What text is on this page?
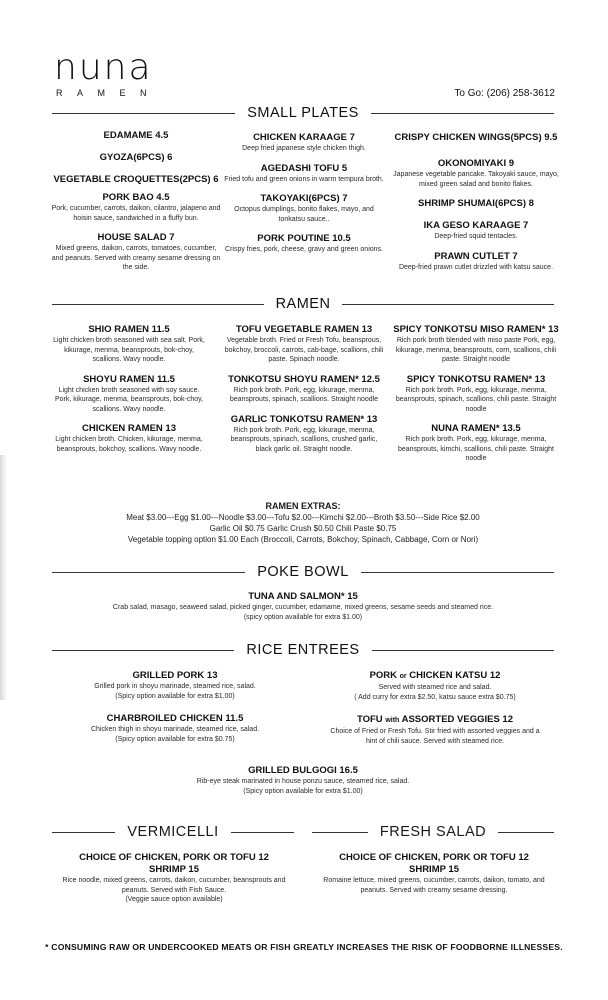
nuna
RAMEN	To Go: (206) 258-3612
SMALL PLATES
EDAMAME 4.5
GYOZA(6PCS) 6
VEGETABLE CROQUETTES(2PCS) 6
PORK BAO 4.5
Pork, cucumber, carrots, daikon, cilantro, jalapeno and hoisin sauce, sandwiched in a fluffy bun.
HOUSE SALAD 7
Mixed greens, daikon, carrots, tomatoes, cucumber, and peanuts. Served with creamy sesame dressing on the side.
CHICKEN KARAAGE 7
Deep fried japanese style chicken thigh.
AGEDASHI TOFU 5
Fried tofu and green onions in warm tempura broth.
TAKOYAKI(6PCS) 7
Octopus dumplings, bonito flakes, mayo, and tonkatsu sauce..
PORK POUTINE 10.5
Crispy fries, pork, cheese, gravy and green onions.
CRISPY CHICKEN WINGS(5PCS) 9.5
OKONOMIYAKI 9
Japanese vegetable pancake. Takoyaki sauce, mayo, mixed green salad and bonito flakes.
SHRIMP SHUMAI(6PCS) 8
IKA GESO KARAAGE 7
Deep-fried squid tentacles.
PRAWN CUTLET 7
Deep-fried prawn cutlet drizzled with katsu sauce.
RAMEN
SHIO RAMEN 11.5
Light chicken broth seasoned with sea salt. Pork, kikurage, menma, beansprouts, bok-choy, scallions. Wavy noodle.
SHOYU RAMEN 11.5
Light chicken broth seasoned with soy sauce. Pork, kikurage, menma, beansprouts, bok-choy, scallions. Wavy noodle.
CHICKEN RAMEN 13
Light chicken broth. Chicken, kikurage, menma, beansprouts, bokchoy, scallions. Wavy noodle.
TOFU VEGETABLE RAMEN 13
Vegetable broth. Fried or Fresh Tofu, beansprous, bokchoy, broccoli, carrots, cab-bage, scallions, chili paste. Spinach noodle.
TONKOTSU SHOYU RAMEN* 12.5
Rich pork broth. Pork, egg, kikurage, menma, beansprouts, spinach, scallions. Straight noodle
GARLIC TONKOTSU RAMEN* 13
Rich pork broth. Pork, egg, kikurage, menma, beansprouts, spinach, scallions, crushed garlic, black garlic oil. Straight noodle.
SPICY TONKOTSU MISO RAMEN* 13
Rich pork broth blended with miso paste Pork, egg, kikurage, menma, beansprouts, corn, scallions, chili paste. Straight noodle
SPICY TONKOTSU RAMEN* 13
Rich pork broth. Pork, egg, kikurage, menma, beansprouts, spinach, scallions, chili paste. Straight noodle
NUNA RAMEN* 13.5
Rich pork broth. Pork, egg, kikurage, menma, beansprouts, kimchi, scallions, chili paste. Straight noodle
RAMEN EXTRAS:
Meat $3.00---Egg $1.00---Noodle $3.00---Tofu $2.00---Kimchi $2.00---Broth $3.50---Side Rice $2.00
Garlic Oil $0.75 Garlic Crush $0.50 Chili Paste $0.75
Vegetable topping option $1.00 Each (Broccoli, Carrots, Bokchoy, Spinach, Cabbage, Corn or Nori)
POKE BOWL
TUNA AND SALMON* 15
Crab salad, masago, seaweed salad, picked ginger, cucumber, edamame, mixed greens, sesame seeds and steamed rice.
(spicy option available for extra $1.00)
RICE ENTREES
GRILLED PORK 13
Grilled pork in shoyu marinade, steamed rice, salad.
(Spicy option available for extra $1.00)
CHARBROILED CHICKEN 11.5
Chicken thigh in shoyu marinade, steamed rice, salad.
(Spicy option available for extra $0.75)
PORK or CHICKEN KATSU 12
Served with steamed rice and salad.
( Add curry for extra $2.50, katsu sauce extra $0.75)
TOFU with ASSORTED VEGGIES 12
Choice of Fried or Fresh Tofu. Stir fried with assorted veggies and a hint of chili sauce. Served with steamed rice.
GRILLED BULGOGI 16.5
Rib-eye steak marinated in house ponzu sauce, steamed rice, salad.
(Spicy option available for extra $1.00)
VERMICELLI	FRESH SALAD
CHOICE OF CHICKEN, PORK OR TOFU 12
SHRIMP 15
Rice noodle, mixed greens, carrots, daikon, cucumber, beansprouts and peanuts. Served with Fish Sauce.
(Veggie sauce option available)
CHOICE OF CHICKEN, PORK OR TOFU 12
SHRIMP 15
Romaine lettuce, mixed greens, cucumber, carrots, daikon, tomato, and peanuts. Served with creamy sesame dressing.
* CONSUMING RAW OR UNDERCOOKED MEATS OR FISH GREATLY INCREASES THE RISK OF FOODBORNE ILLNESSES.
